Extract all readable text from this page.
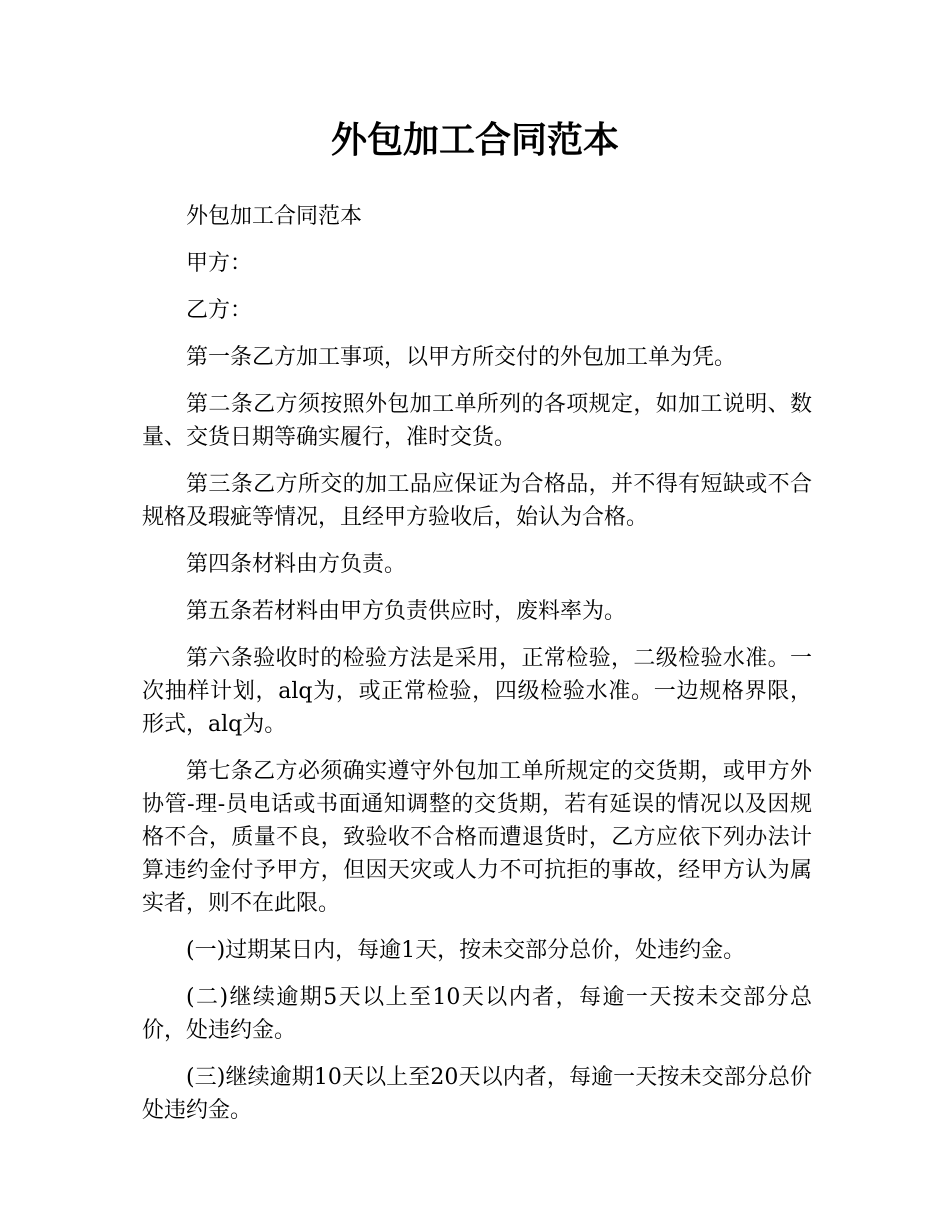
外包加工合同范本

外包加工合同范本

甲方：

乙方：

第一条乙方加工事项，以甲方所交付的外包加工单为凭。

第二条乙方须按照外包加工单所列的各项规定，如加工说明、数量、交货日期等确实履行，准时交货。

第三条乙方所交的加工品应保证为合格品，并不得有短缺或不合规格及瑕疵等情况，且经甲方验收后，始认为合格。

第四条材料由方负责。

第五条若材料由甲方负责供应时，废料率为。

第六条验收时的检验方法是采用，正常检验，二级检验水准。一次抽样计划，alq为，或正常检验，四级检验水准。一边规格界限，形式，alq为。

第七条乙方必须确实遵守外包加工单所规定的交货期，或甲方外协管-理-员电话或书面通知调整的交货期，若有延误的情况以及因规格不合，质量不良，致验收不合格而遭退货时，乙方应依下列办法计算违约金付予甲方，但因天灾或人力不可抗拒的事故，经甲方认为属实者，则不在此限。

(一)过期某日内，每逾1天，按未交部分总价，处违约金。

(二)继续逾期5天以上至10天以内者，每逾一天按未交部分总价，处违约金。

(三)继续逾期10天以上至20天以内者，每逾一天按未交部分总价处违约金。
